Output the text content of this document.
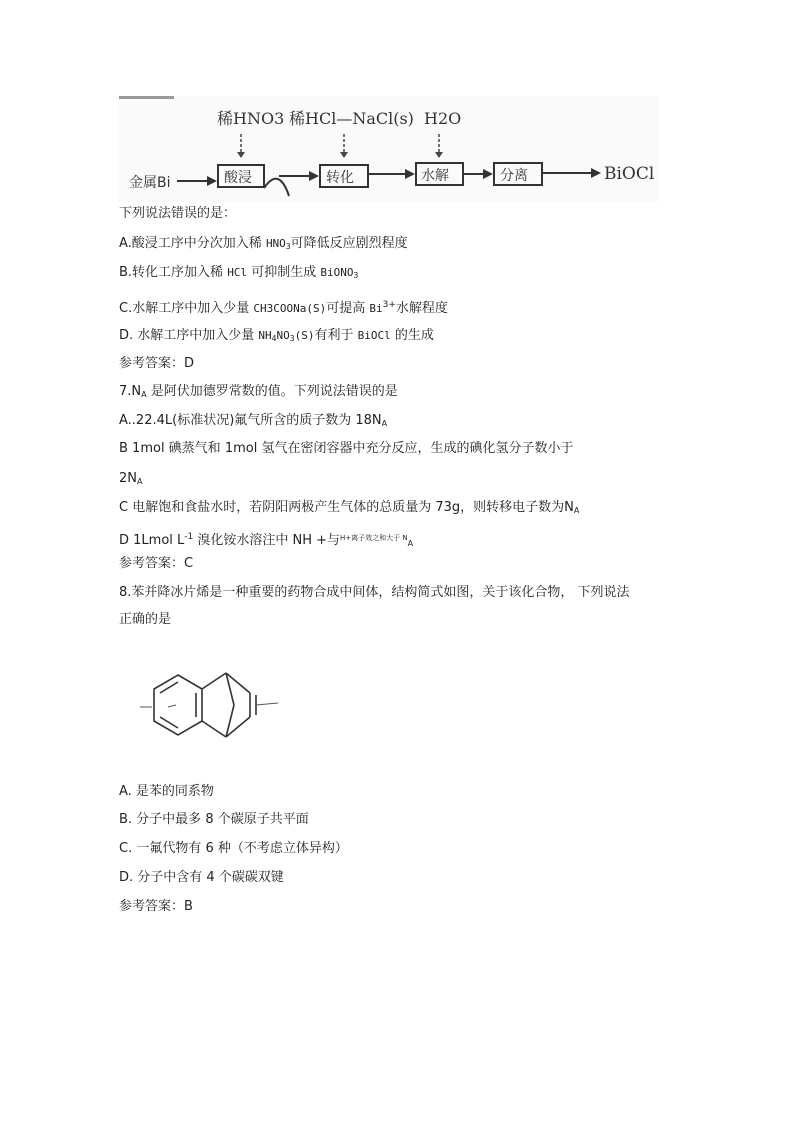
稀HNO3 稀HCl—NaCl(s) H2O
金属Bi	酸浸	转化	水解	分离	BiOCl
下列说法错误的是：
A.酸浸工序中分次加入稀 $HNO_3$可降低反应剧烈程度
B.转化工序加入稀 HCl 可抑制生成 BiONO$_3$
C.水解工序中加入少量 CH3COONa(S)可提高 $Bi^{3+}$水解程度
D. 水解工序中加入少量 $NH_4NO_3(S)$有利于 BiOCl 的生成
参考答案：D
$7.N_A$ 是阿伏加德罗常数的值。下列说法错误的是
A..22.4L(标准状况)氟气所含的质子数为 $18N_A$
B 1mol 碘蒸气和 1mol 氢气在密闭容器中充分反应，生成的碘化氢分子数小于
$2N_A$
C 电解饱和食盐水时，若阴阳两极产生气体的总质量为 73g，则转移电子数为$N_A$
D 1Lmol $L^{-1}$ 溴化铵水溶注中 NH +与$^{H+离子效之和大于 N}_A$
参考答案：C
8.苯并降冰片烯是一种重要的药物合成中间体，结构简式如图，关于该化合物， 下列说法
正确的是
A. 是苯的同系物
B. 分子中最多 8 个碳原子共平面
C. 一氟代物有 6 种（不考虑立体异构）
D. 分子中含有 4 个碳碳双键
参考答案：B
